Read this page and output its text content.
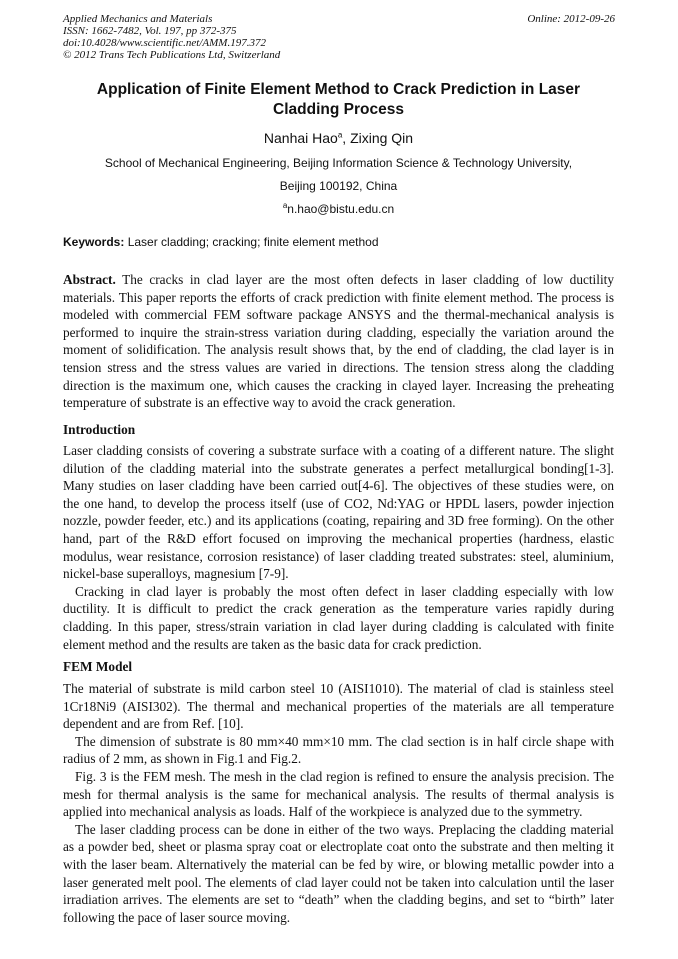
Applied Mechanics and Materials
ISSN: 1662-7482, Vol. 197, pp 372-375
doi:10.4028/www.scientific.net/AMM.197.372
© 2012 Trans Tech Publications Ltd, Switzerland
Online: 2012-09-26
Application of Finite Element Method to Crack Prediction in Laser
Cladding Process
Nanhai Hao$^a$, Zixing Qin
School of Mechanical Engineering, Beijing Information Science & Technology University,
Beijing 100192, China
$^a$n.hao@bistu.edu.cn
Keywords: Laser cladding; cracking; finite element method
Abstract. The cracks in clad layer are the most often defects in laser cladding of low ductility
materials. This paper reports the efforts of crack prediction with finite element method. The process is
modeled with commercial FEM software package ANSYS and the thermal-mechanical analysis is
performed to inquire the strain-stress variation during cladding, especially the variation around the
moment of solidification. The analysis result shows that, by the end of cladding, the clad layer is in
tension stress and the stress values are varied in directions. The tension stress along the cladding
direction is the maximum one, which causes the cracking in clayed layer. Increasing the preheating
temperature of substrate is an effective way to avoid the crack generation.
Introduction
Laser cladding consists of covering a substrate surface with a coating of a different nature. The slight
dilution of the cladding material into the substrate generates a perfect metallurgical bonding[1-3].
Many studies on laser cladding have been carried out[4-6]. The objectives of these studies were, on
the one hand, to develop the process itself (use of CO2, Nd:YAG or HPDL lasers, powder injection
nozzle, powder feeder, etc.) and its applications (coating, repairing and 3D free forming). On the other
hand, part of the R&D effort focused on improving the mechanical properties (hardness, elastic
modulus, wear resistance, corrosion resistance) of laser cladding treated substrates: steel, aluminium,
nickel-base superalloys, magnesium [7-9].
Cracking in clad layer is probably the most often defect in laser cladding especially with low
ductility. It is difficult to predict the crack generation as the temperature varies rapidly during
cladding. In this paper, stress/strain variation in clad layer during cladding is calculated with finite
element method and the results are taken as the basic data for crack prediction.
FEM Model
The material of substrate is mild carbon steel 10 (AISI1010). The material of clad is stainless steel
1Cr18Ni9 (AISI302). The thermal and mechanical properties of the materials are all temperature
dependent and are from Ref. [10].
The dimension of substrate is 80 mm×40 mm×10 mm. The clad section is in half circle shape with
radius of 2 mm, as shown in Fig.1 and Fig.2.
Fig. 3 is the FEM mesh. The mesh in the clad region is refined to ensure the analysis precision. The
mesh for thermal analysis is the same for mechanical analysis. The results of thermal analysis is
applied into mechanical analysis as loads. Half of the workpiece is analyzed due to the symmetry.
The laser cladding process can be done in either of the two ways. Preplacing the cladding material
as a powder bed, sheet or plasma spray coat or electroplate coat onto the substrate and then melting it
with the laser beam. Alternatively the material can be fed by wire, or blowing metallic powder into a
laser generated melt pool. The elements of clad layer could not be taken into calculation until the laser
irradiation arrives. The elements are set to “death” when the cladding begins, and set to “birth” later
following the pace of laser source moving.
